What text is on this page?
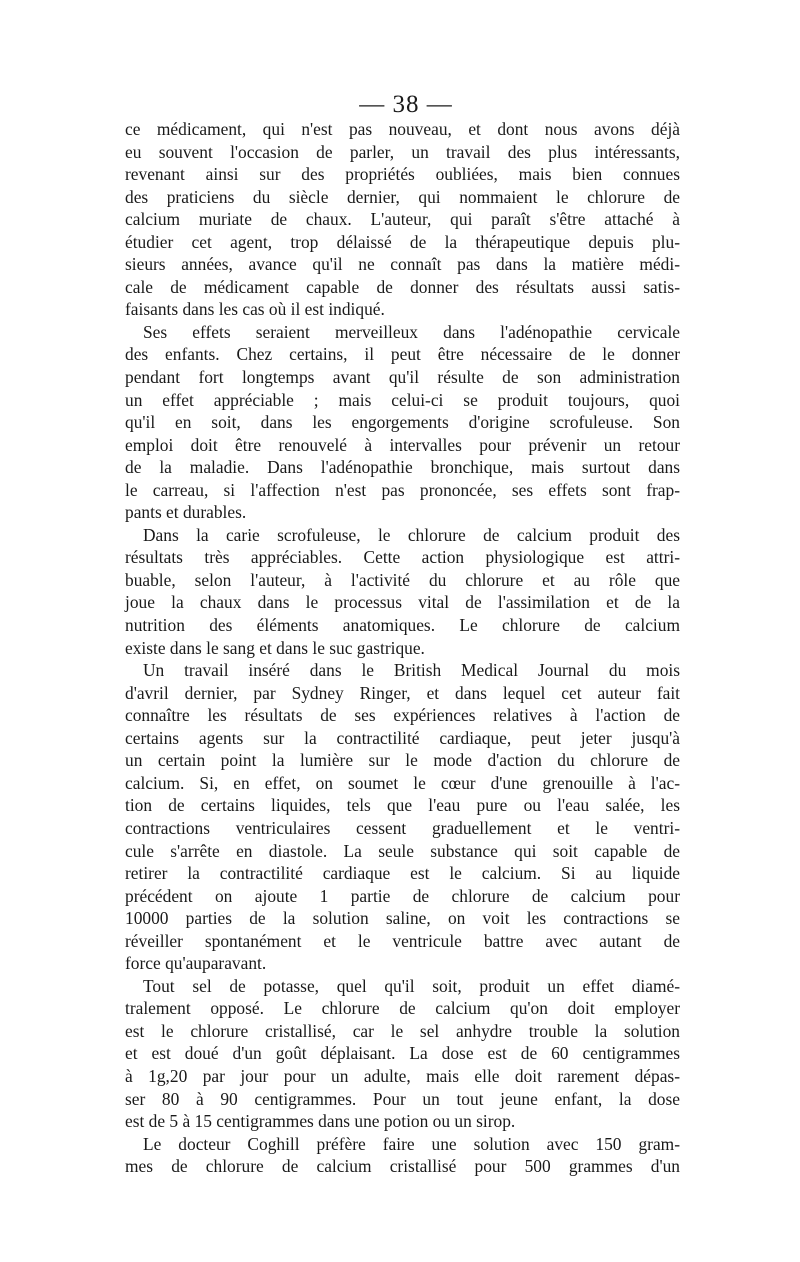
— 38 —
ce médicament, qui n'est pas nouveau, et dont nous avons déjà
eu souvent l'occasion de parler, un travail des plus intéressants,
revenant ainsi sur des propriétés oubliées, mais bien connues
des praticiens du siècle dernier, qui nommaient le chlorure de
calcium muriate de chaux. L'auteur, qui paraît s'être attaché à
étudier cet agent, trop délaissé de la thérapeutique depuis plu-
sieurs années, avance qu'il ne connaît pas dans la matière médi-
cale de médicament capable de donner des résultats aussi satis-
faisants dans les cas où il est indiqué.
Ses effets seraient merveilleux dans l'adénopathie cervicale
des enfants. Chez certains, il peut être nécessaire de le donner
pendant fort longtemps avant qu'il résulte de son administration
un effet appréciable ; mais celui-ci se produit toujours, quoi
qu'il en soit, dans les engorgements d'origine scrofuleuse. Son
emploi doit être renouvelé à intervalles pour prévenir un retour
de la maladie. Dans l'adénopathie bronchique, mais surtout dans
le carreau, si l'affection n'est pas prononcée, ses effets sont frap-
pants et durables.
Dans la carie scrofuleuse, le chlorure de calcium produit des
résultats très appréciables. Cette action physiologique est attri-
buable, selon l'auteur, à l'activité du chlorure et au rôle que
joue la chaux dans le processus vital de l'assimilation et de la
nutrition des éléments anatomiques. Le chlorure de calcium
existe dans le sang et dans le suc gastrique.
Un travail inséré dans le British Medical Journal du mois
d'avril dernier, par Sydney Ringer, et dans lequel cet auteur fait
connaître les résultats de ses expériences relatives à l'action de
certains agents sur la contractilité cardiaque, peut jeter jusqu'à
un certain point la lumière sur le mode d'action du chlorure de
calcium. Si, en effet, on soumet le cœur d'une grenouille à l'ac-
tion de certains liquides, tels que l'eau pure ou l'eau salée, les
contractions ventriculaires cessent graduellement et le ventri-
cule s'arrête en diastole. La seule substance qui soit capable de
retirer la contractilité cardiaque est le calcium. Si au liquide
précédent on ajoute 1 partie de chlorure de calcium pour
10000 parties de la solution saline, on voit les contractions se
réveiller spontanément et le ventricule battre avec autant de
force qu'auparavant.
Tout sel de potasse, quel qu'il soit, produit un effet diamé-
tralement opposé. Le chlorure de calcium qu'on doit employer
est le chlorure cristallisé, car le sel anhydre trouble la solution
et est doué d'un goût déplaisant. La dose est de 60 centigrammes
à 1g,20 par jour pour un adulte, mais elle doit rarement dépas-
ser 80 à 90 centigrammes. Pour un tout jeune enfant, la dose
est de 5 à 15 centigrammes dans une potion ou un sirop.
Le docteur Coghill préfère faire une solution avec 150 gram-
mes de chlorure de calcium cristallisé pour 500 grammes d'un
